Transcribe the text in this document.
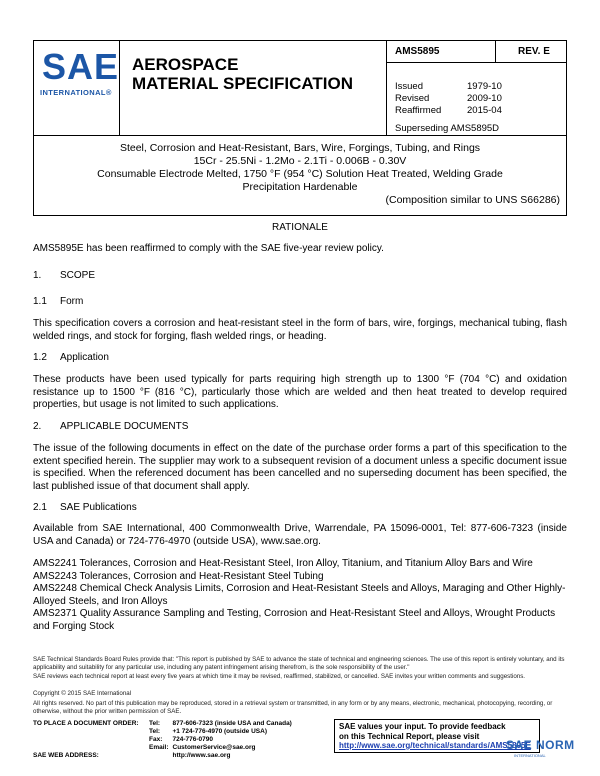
SAE
INTERNATIONAL®
AEROSPACE
MATERIAL SPECIFICATION
AMS5895	REV. E
Issued	1979-10
Revised	2009-10
Reaffirmed	2015-04
Superseding AMS5895D
Steel, Corrosion and Heat-Resistant, Bars, Wire, Forgings, Tubing, and Rings
15Cr - 25.5Ni - 1.2Mo - 2.1Ti - 0.006B - 0.30V
Consumable Electrode Melted, 1750 °F (954 °C) Solution Heat Treated, Welding Grade
Precipitation Hardenable
(Composition similar to UNS S66286)
RATIONALE
AMS5895E has been reaffirmed to comply with the SAE five-year review policy.
1. SCOPE
1.1 Form
This specification covers a corrosion and heat-resistant steel in the form of bars, wire, forgings, mechanical tubing, flash welded rings, and stock for forging, flash welded rings, or heading.
1.2 Application
These products have been used typically for parts requiring high strength up to 1300 °F (704 °C) and oxidation resistance up to 1500 °F (816 °C), particularly those which are welded and then heat treated to develop required properties, but usage is not limited to such applications.
2. APPLICABLE DOCUMENTS
The issue of the following documents in effect on the date of the purchase order forms a part of this specification to the extent specified herein. The supplier may work to a subsequent revision of a document unless a specific document issue is specified. When the referenced document has been cancelled and no superseding document has been specified, the last published issue of that document shall apply.
2.1 SAE Publications
Available from SAE International, 400 Commonwealth Drive, Warrendale, PA 15096-0001, Tel: 877-606-7323 (inside USA and Canada) or 724-776-4970 (outside USA), www.sae.org.
AMS2241 Tolerances, Corrosion and Heat-Resistant Steel, Iron Alloy, Titanium, and Titanium Alloy Bars and Wire
AMS2243 Tolerances, Corrosion and Heat-Resistant Steel Tubing
AMS2248 Chemical Check Analysis Limits, Corrosion and Heat-Resistant Steels and Alloys, Maraging and Other Highly-Alloyed Steels, and Iron Alloys
AMS2371 Quality Assurance Sampling and Testing, Corrosion and Heat-Resistant Steel and Alloys, Wrought Products and Forging Stock
SAE Technical Standards Board Rules provide that: "This report is published by SAE to advance the state of technical and engineering sciences. The use of this report is entirely voluntary, and its applicability and suitability for any particular use, including any patent infringement arising therefrom, is the sole responsibility of the user."
SAE reviews each technical report at least every five years at which time it may be revised, reaffirmed, stabilized, or cancelled. SAE invites your written comments and suggestions.
Copyright © 2015 SAE International
All rights reserved. No part of this publication may be reproduced, stored in a retrieval system or transmitted, in any form or by any means, electronic, mechanical, photocopying, recording, or otherwise, without the prior written permission of SAE.
TO PLACE A DOCUMENT ORDER:	Tel:	877-606-7323 (inside USA and Canada)
	Tel:	+1 724-776-4970 (outside USA)
	Fax:	724-776-0790
	Email:	CustomerService@sae.org
SAE WEB ADDRESS:		http://www.sae.org
SAE values your input. To provide feedback
on this Technical Report, please visit
http://www.sae.org/technical/standards/AMS5895E
SAE NORM
INTERNATIONAL
